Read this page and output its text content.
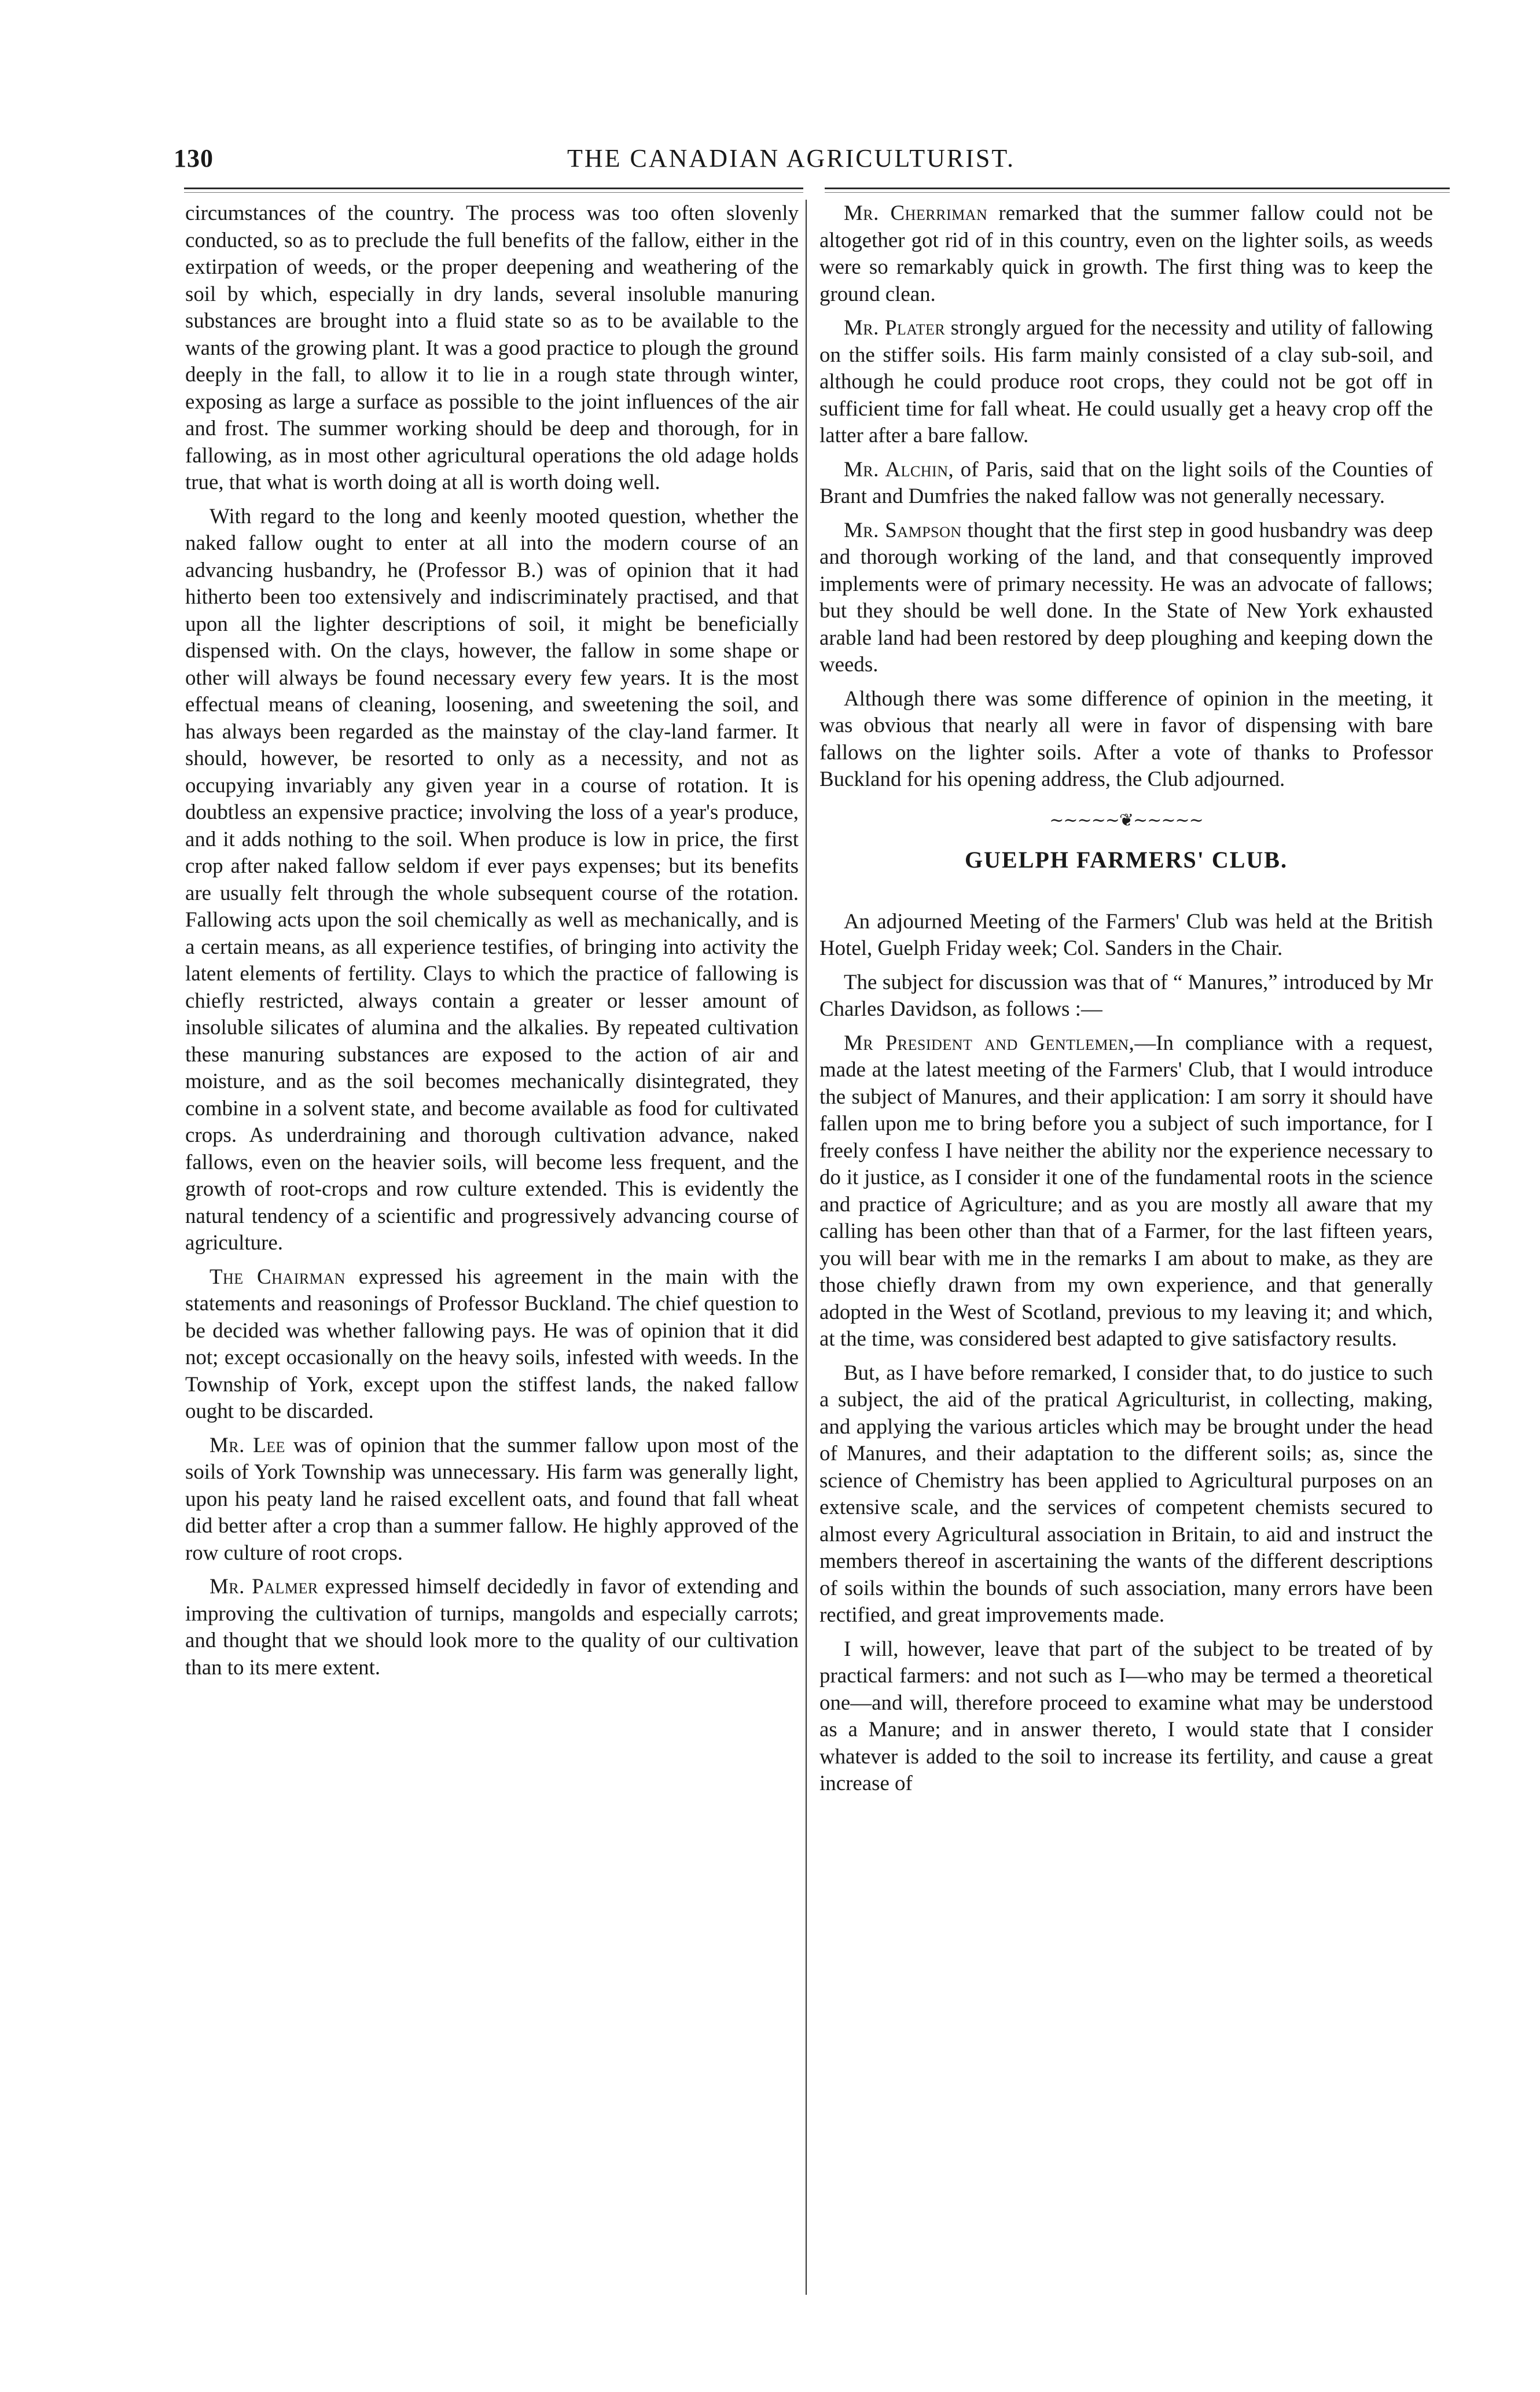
130	THE CANADIAN AGRICULTURIST.

circumstances of the country. The process was too often slovenly conducted, so as to preclude the full benefits of the fallow, either in the extirpation of weeds, or the proper deepening and weathering of the soil by which, especially in dry lands, several insoluble manuring substances are brought into a fluid state so as to be available to the wants of the growing plant. It was a good practice to plough the ground deeply in the fall, to allow it to lie in a rough state through winter, exposing as large a surface as possible to the joint influences of the air and frost. The summer working should be deep and thorough, for in fallowing, as in most other agricultural operations the old adage holds true, that what is worth doing at all is worth doing well.

With regard to the long and keenly mooted question, whether the naked fallow ought to enter at all into the modern course of an advancing husbandry, he (Professor B.) was of opinion that it had hitherto been too extensively and indiscriminately practised, and that upon all the lighter descriptions of soil, it might be beneficially dispensed with. On the clays, however, the fallow in some shape or other will always be found necessary every few years. It is the most effectual means of cleaning, loosening, and sweetening the soil, and has always been regarded as the mainstay of the clay-land farmer. It should, however, be resorted to only as a necessity, and not as occupying invariably any given year in a course of rotation. It is doubtless an expensive practice; involving the loss of a year's produce, and it adds nothing to the soil. When produce is low in price, the first crop after naked fallow seldom if ever pays expenses; but its benefits are usually felt through the whole subsequent course of the rotation. Fallowing acts upon the soil chemically as well as mechanically, and is a certain means, as all experience testifies, of bringing into activity the latent elements of fertility. Clays to which the practice of fallowing is chiefly restricted, always contain a greater or lesser amount of insoluble silicates of alumina and the alkalies. By repeated cultivation these manuring substances are exposed to the action of air and moisture, and as the soil becomes mechanically disintegrated, they combine in a solvent state, and become available as food for cultivated crops. As underdraining and thorough cultivation advance, naked fallows, even on the heavier soils, will become less frequent, and the growth of root-crops and row culture extended. This is evidently the natural tendency of a scientific and progressively advancing course of agriculture.

The Chairman expressed his agreement in the main with the statements and reasonings of Professor Buckland. The chief question to be decided was whether fallowing pays. He was of opinion that it did not; except occasionally on the heavy soils, infested with weeds. In the Township of York, except upon the stiffest lands, the naked fallow ought to be discarded.

Mr. Lee was of opinion that the summer fallow upon most of the soils of York Township was unnecessary. His farm was generally light, upon his peaty land he raised excellent oats, and found that fall wheat did better after a crop than a summer fallow. He highly approved of the row culture of root crops.

Mr. Palmer expressed himself decidedly in favor of extending and improving the cultivation of turnips, mangolds and especially carrots; and thought that we should look more to the quality of our cultivation than to its mere extent.

Mr. Cherriman remarked that the summer fallow could not be altogether got rid of in this country, even on the lighter soils, as weeds were so remarkably quick in growth. The first thing was to keep the ground clean.

Mr. Plater strongly argued for the necessity and utility of fallowing on the stiffer soils. His farm mainly consisted of a clay sub-soil, and although he could produce root crops, they could not be got off in sufficient time for fall wheat. He could usually get a heavy crop off the latter after a bare fallow.

Mr. Alchin, of Paris, said that on the light soils of the Counties of Brant and Dumfries the naked fallow was not generally necessary.

Mr. Sampson thought that the first step in good husbandry was deep and thorough working of the land, and that consequently improved implements were of primary necessity. He was an advocate of fallows; but they should be well done. In the State of New York exhausted arable land had been restored by deep ploughing and keeping down the weeds.

Although there was some difference of opinion in the meeting, it was obvious that nearly all were in favor of dispensing with bare fallows on the lighter soils. After a vote of thanks to Professor Buckland for his opening address, the Club adjourned.

∼∼∼∼∼❦∼∼∼∼∼
GUELPH FARMERS' CLUB.

An adjourned Meeting of the Farmers' Club was held at the British Hotel, Guelph Friday week; Col. Sanders in the Chair.

The subject for discussion was that of “ Manures,” introduced by Mr Charles Davidson, as follows :—

Mr President and Gentlemen,—In compliance with a request, made at the latest meeting of the Farmers' Club, that I would introduce the subject of Manures, and their application: I am sorry it should have fallen upon me to bring before you a subject of such importance, for I freely confess I have neither the ability nor the experience necessary to do it justice, as I consider it one of the fundamental roots in the science and practice of Agriculture; and as you are mostly all aware that my calling has been other than that of a Farmer, for the last fifteen years, you will bear with me in the remarks I am about to make, as they are those chiefly drawn from my own experience, and that generally adopted in the West of Scotland, previous to my leaving it; and which, at the time, was considered best adapted to give satisfactory results.

But, as I have before remarked, I consider that, to do justice to such a subject, the aid of the pratical Agriculturist, in collecting, making, and applying the various articles which may be brought under the head of Manures, and their adaptation to the different soils; as, since the science of Chemistry has been applied to Agricultural purposes on an extensive scale, and the services of competent chemists secured to almost every Agricultural association in Britain, to aid and instruct the members thereof in ascertaining the wants of the different descriptions of soils within the bounds of such association, many errors have been rectified, and great improvements made.

I will, however, leave that part of the subject to be treated of by practical farmers: and not such as I—who may be termed a theoretical one—and will, therefore proceed to examine what may be understood as a Manure; and in answer thereto, I would state that I consider whatever is added to the soil to increase its fertility, and cause a great increase of
